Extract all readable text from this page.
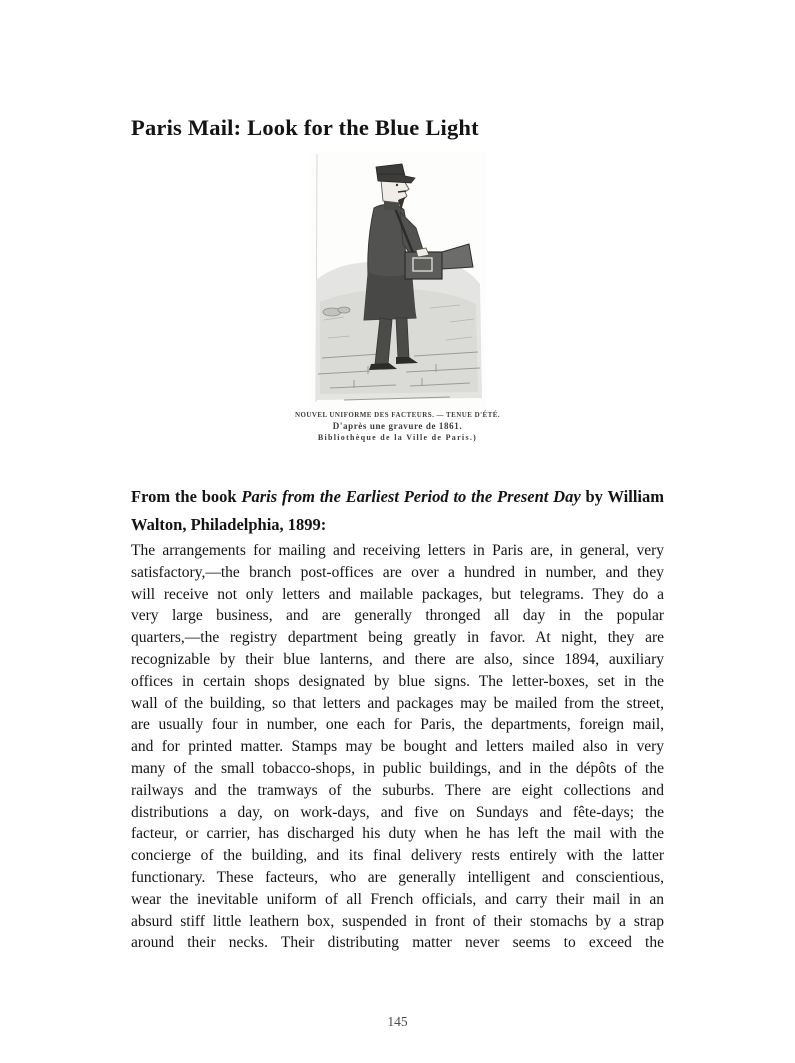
Paris Mail: Look for the Blue Light
NOUVEL UNIFORME DES FACTEURS. — TENUE D'ÉTÉ.
D'après une gravure de 1861.
Bibliothèque de la Ville de Paris.)
From the book Paris from the Earliest Period to the Present Day by William
Walton, Philadelphia, 1899:
The arrangements for mailing and receiving letters in Paris are, in general, very
satisfactory,—the branch post-offices are over a hundred in number, and they
will receive not only letters and mailable packages, but telegrams. They do a
very large business, and are generally thronged all day in the popular
quarters,—the registry department being greatly in favor. At night, they are
recognizable by their blue lanterns, and there are also, since 1894, auxiliary
offices in certain shops designated by blue signs. The letter-boxes, set in the
wall of the building, so that letters and packages may be mailed from the street,
are usually four in number, one each for Paris, the departments, foreign mail,
and for printed matter. Stamps may be bought and letters mailed also in very
many of the small tobacco-shops, in public buildings, and in the dépôts of the
railways and the tramways of the suburbs. There are eight collections and
distributions a day, on work-days, and five on Sundays and fête-days; the
facteur, or carrier, has discharged his duty when he has left the mail with the
concierge of the building, and its final delivery rests entirely with the latter
functionary. These facteurs, who are generally intelligent and conscientious,
wear the inevitable uniform of all French officials, and carry their mail in an
absurd stiff little leathern box, suspended in front of their stomachs by a strap
around their necks. Their distributing matter never seems to exceed the
145
